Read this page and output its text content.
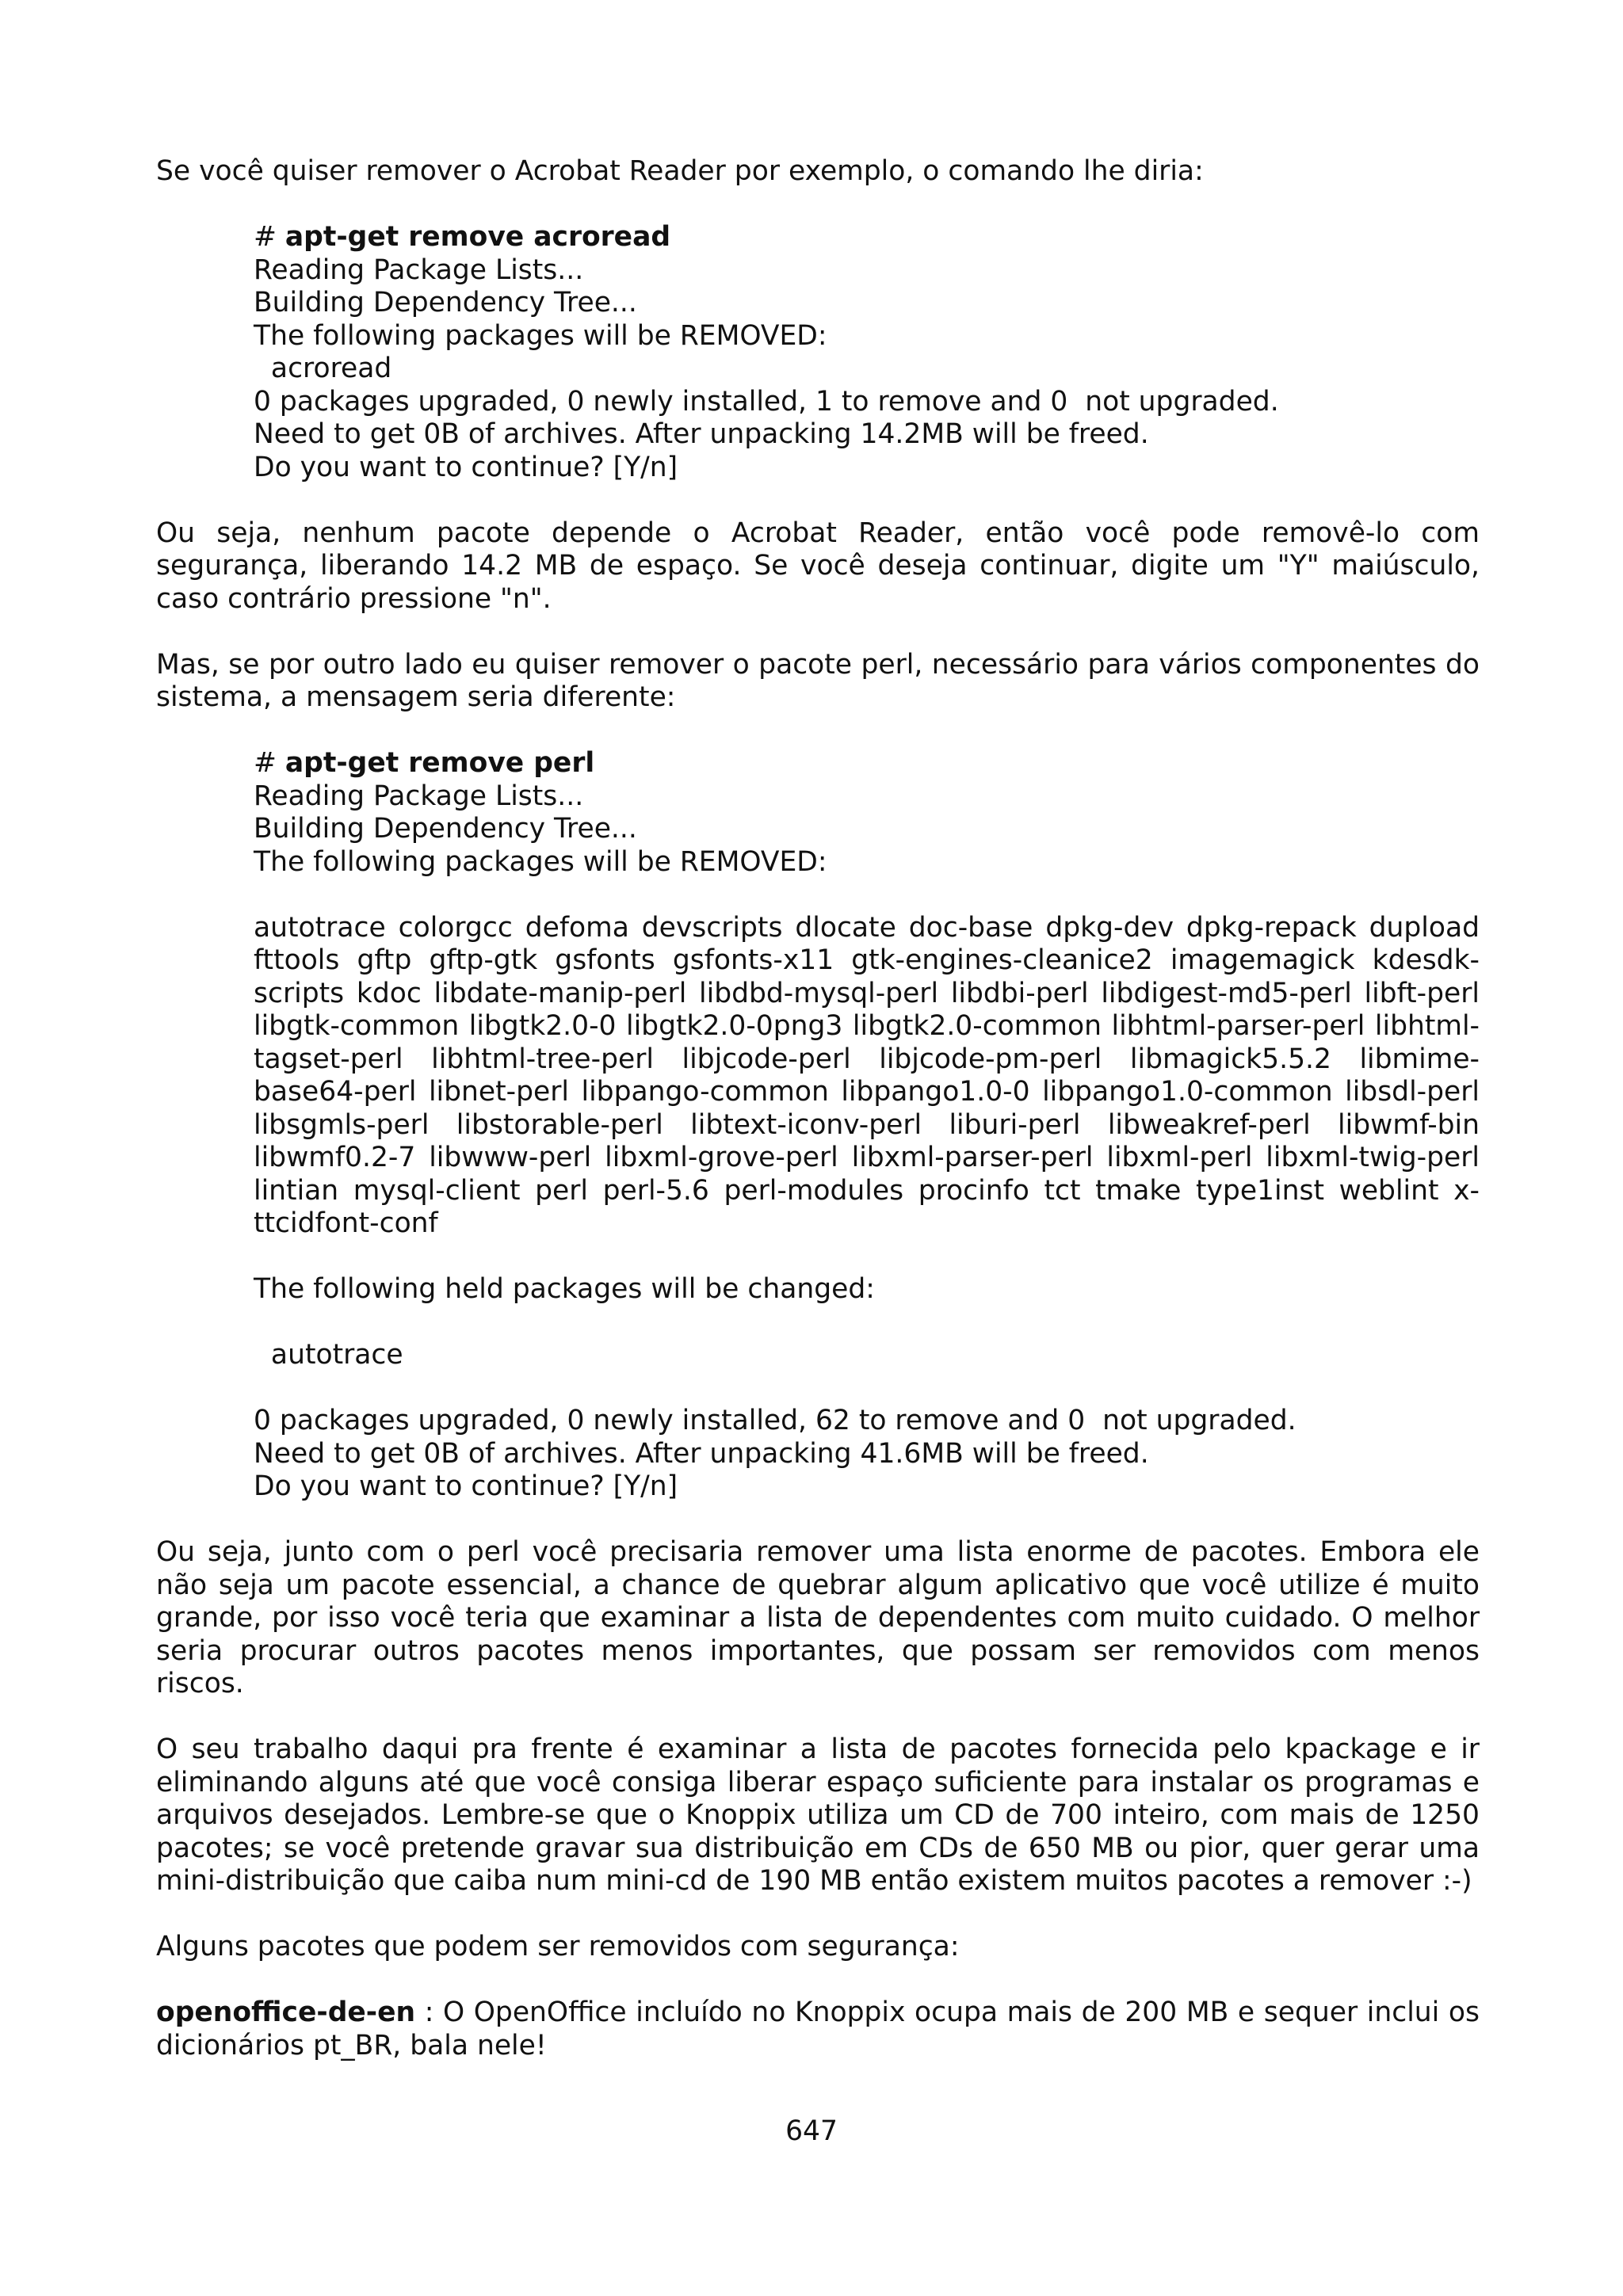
Se você quiser remover o Acrobat Reader por exemplo, o comando lhe diria:

# apt-get remove acroread
Reading Package Lists...
Building Dependency Tree...
The following packages will be REMOVED:
acroread
0 packages upgraded, 0 newly installed, 1 to remove and 0  not upgraded.
Need to get 0B of archives. After unpacking 14.2MB will be freed.
Do you want to continue? [Y/n]

Ou seja, nenhum pacote depende o Acrobat Reader, então você pode removê-lo com segurança, liberando 14.2 MB de espaço. Se você deseja continuar, digite um "Y" maiúsculo, caso contrário pressione "n".

Mas, se por outro lado eu quiser remover o pacote perl, necessário para vários componentes do sistema, a mensagem seria diferente:

# apt-get remove perl
Reading Package Lists...
Building Dependency Tree...
The following packages will be REMOVED:
autotrace colorgcc defoma devscripts dlocate doc-base dpkg-dev dpkg-repack dupload fttools gftp gftp-gtk gsfonts gsfonts-x11 gtk-engines-cleanice2 imagemagick kdesdk-scripts kdoc libdate-manip-perl libdbd-mysql-perl libdbi-perl libdigest-md5-perl libft-perl libgtk-common libgtk2.0-0 libgtk2.0-0png3 libgtk2.0-common libhtml-parser-perl libhtml-tagset-perl libhtml-tree-perl libjcode-perl libjcode-pm-perl libmagick5.5.2 libmime-base64-perl libnet-perl libpango-common libpango1.0-0 libpango1.0-common libsdl-perl libsgmls-perl libstorable-perl libtext-iconv-perl liburi-perl libweakref-perl libwmf-bin libwmf0.2-7 libwww-perl libxml-grove-perl libxml-parser-perl libxml-perl libxml-twig-perl lintian mysql-client perl perl-5.6 perl-modules procinfo tct tmake type1inst weblint x-ttcidfont-conf
The following held packages will be changed:
autotrace
0 packages upgraded, 0 newly installed, 62 to remove and 0  not upgraded.
Need to get 0B of archives. After unpacking 41.6MB will be freed.
Do you want to continue? [Y/n]

Ou seja, junto com o perl você precisaria remover uma lista enorme de pacotes. Embora ele não seja um pacote essencial, a chance de quebrar algum aplicativo que você utilize é muito grande, por isso você teria que examinar a lista de dependentes com muito cuidado. O melhor seria procurar outros pacotes menos importantes, que possam ser removidos com menos riscos.

O seu trabalho daqui pra frente é examinar a lista de pacotes fornecida pelo kpackage e ir eliminando alguns até que você consiga liberar espaço suficiente para instalar os programas e arquivos desejados. Lembre-se que o Knoppix utiliza um CD de 700 inteiro, com mais de 1250 pacotes; se você pretende gravar sua distribuição em CDs de 650 MB ou pior, quer gerar uma mini-distribuição que caiba num mini-cd de 190 MB então existem muitos pacotes a remover :-)

Alguns pacotes que podem ser removidos com segurança:

openoffice-de-en : O OpenOffice incluído no Knoppix ocupa mais de 200 MB e sequer inclui os dicionários pt_BR, bala nele!

647
